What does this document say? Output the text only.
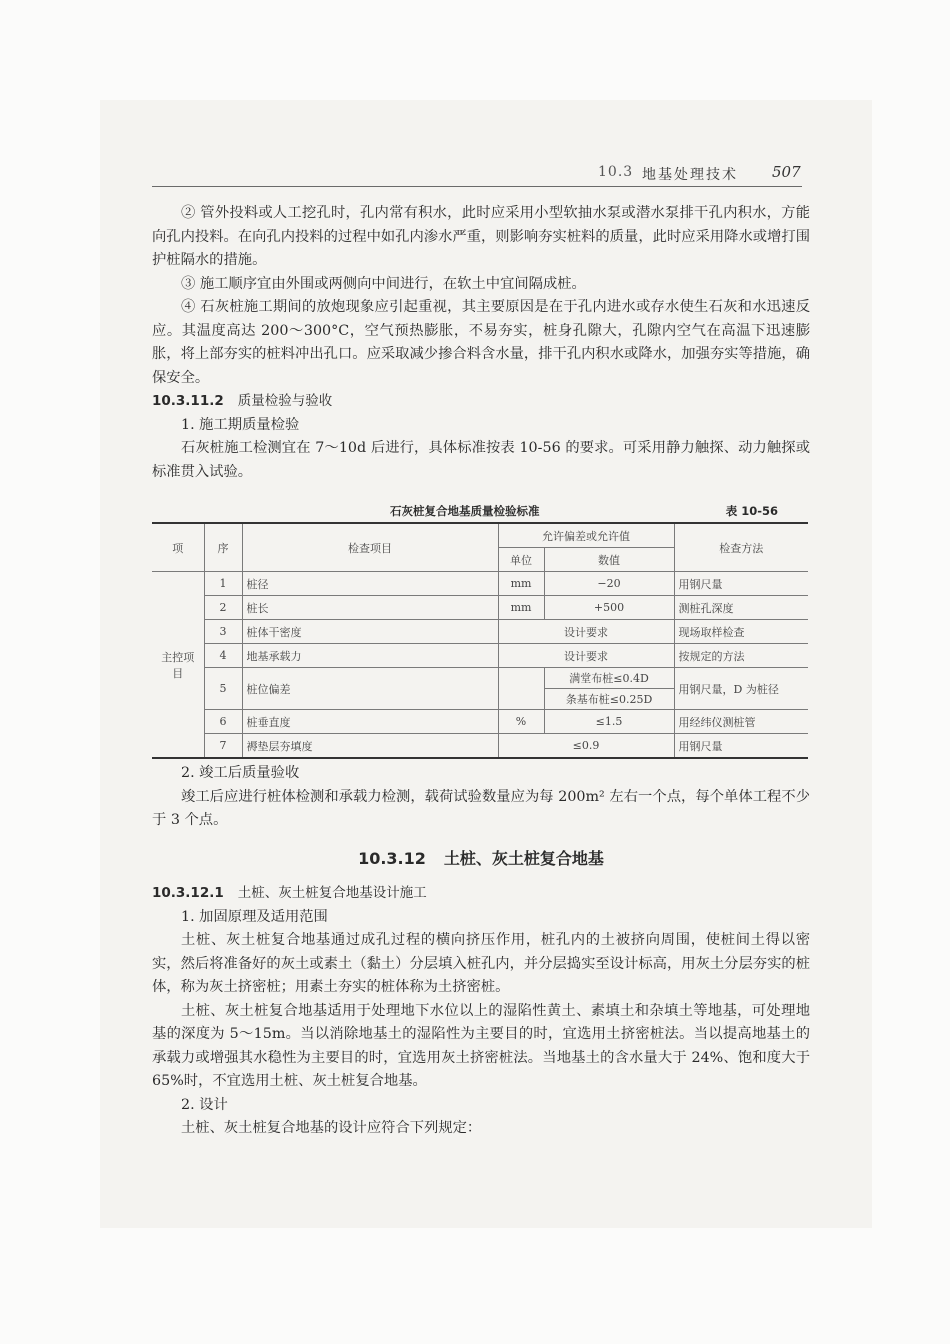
10.3 地基处理技术 507

② 管外投料或人工挖孔时，孔内常有积水，此时应采用小型软抽水泵或潜水泵排干孔内积水，方能向孔内投料。在向孔内投料的过程中如孔内渗水严重，则影响夯实桩料的质量，此时应采用降水或增打围护桩隔水的措施。

③ 施工顺序宜由外围或两侧向中间进行，在软土中宜间隔成桩。

④ 石灰桩施工期间的放炮现象应引起重视，其主要原因是在于孔内进水或存水使生石灰和水迅速反应。其温度高达 200～300°C，空气预热膨胀，不易夯实，桩身孔隙大，孔隙内空气在高温下迅速膨胀，将上部夯实的桩料冲出孔口。应采取减少掺合料含水量，排干孔内积水或降水，加强夯实等措施，确保安全。

10.3.11.2 质量检验与验收

1. 施工期质量检验

石灰桩施工检测宜在 7～10d 后进行，具体标准按表 10-56 的要求。可采用静力触探、动力触探或标准贯入试验。

石灰桩复合地基质量检验标准	表 10-56
项	序	检查项目	允许偏差或允许值		检查方法
			单位	数值	
主控项目	1	桩径	mm	−20	用钢尺量
	2	桩长	mm	+500	测桩孔深度
	3	桩体干密度	设计要求		现场取样检查
	4	地基承载力	设计要求		按规定的方法
	5	桩位偏差		满堂布桩≤0.4D	用钢尺量，D 为桩径
				条基布桩≤0.25D	
	6	桩垂直度	%	≤1.5	用经纬仪测桩管
	7	褥垫层夯填度	≤0.9		用钢尺量

2. 竣工后质量验收

竣工后应进行桩体检测和承载力检测，载荷试验数量应为每 200m² 左右一个点，每个单体工程不少于 3 个点。

10.3.12 土桩、灰土桩复合地基

10.3.12.1 土桩、灰土桩复合地基设计施工

1. 加固原理及适用范围

土桩、灰土桩复合地基通过成孔过程的横向挤压作用，桩孔内的土被挤向周围，使桩间土得以密实，然后将准备好的灰土或素土（黏土）分层填入桩孔内，并分层捣实至设计标高，用灰土分层夯实的桩体，称为灰土挤密桩；用素土夯实的桩体称为土挤密桩。

土桩、灰土桩复合地基适用于处理地下水位以上的湿陷性黄土、素填土和杂填土等地基，可处理地基的深度为 5～15m。当以消除地基土的湿陷性为主要目的时，宜选用土挤密桩法。当以提高地基土的承载力或增强其水稳性为主要目的时，宜选用灰土挤密桩法。当地基土的含水量大于 24%、饱和度大于 65%时，不宜选用土桩、灰土桩复合地基。

2. 设计

土桩、灰土桩复合地基的设计应符合下列规定：
